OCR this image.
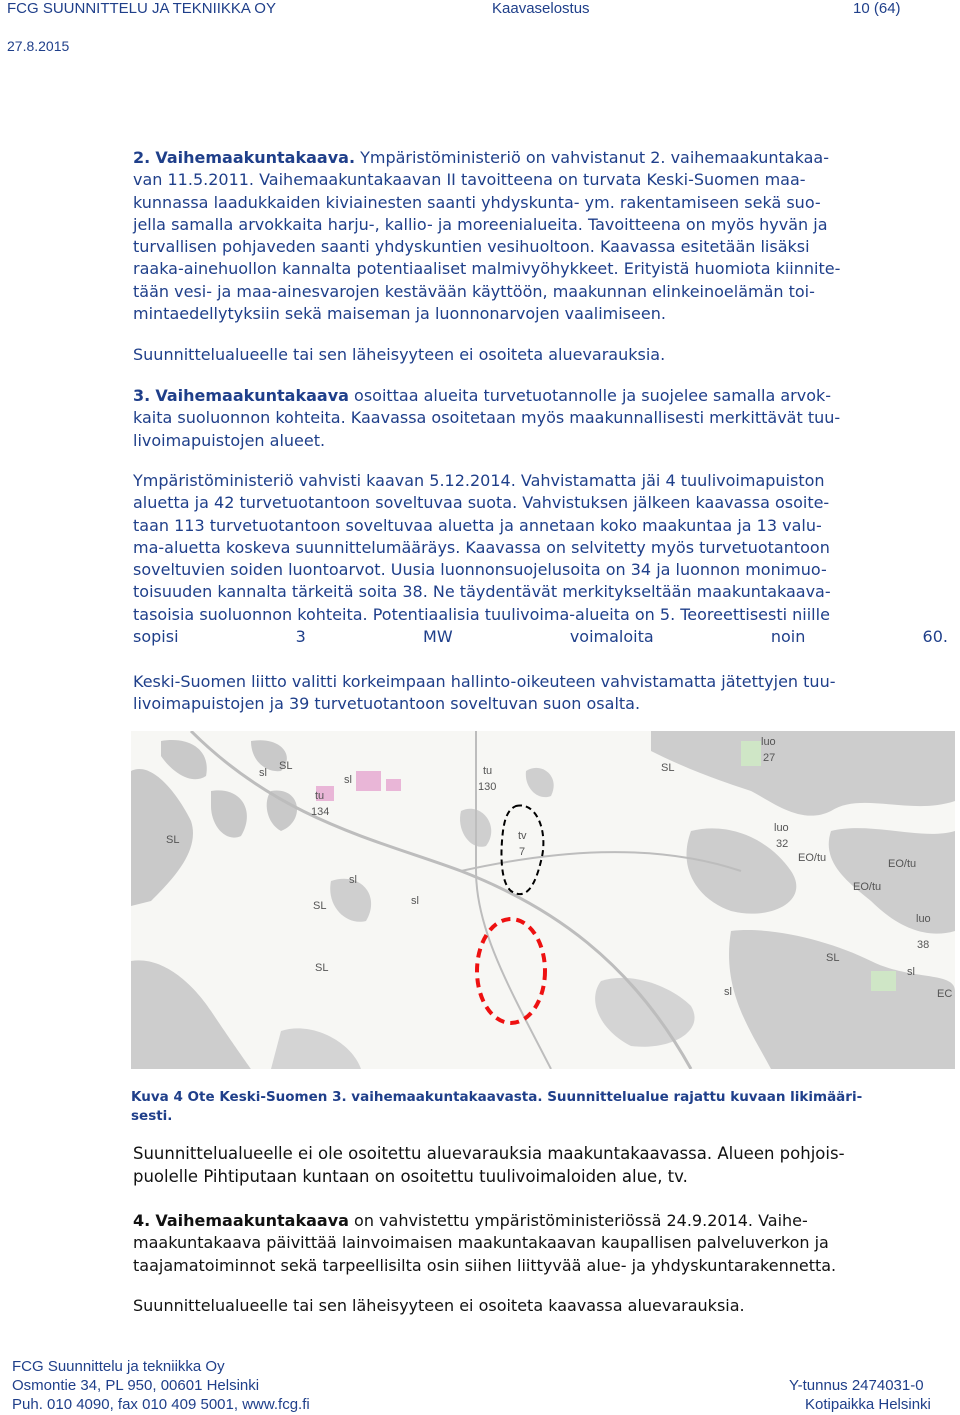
FCG SUUNNITTELU JA TEKNIIKKA OY	Kaavaselostus	10 (64)
27.8.2015
2. Vaihemaakuntakaava. Ympäristöministeriö on vahvistanut 2. vaihemaakuntakaa-
van 11.5.2011. Vaihemaakuntakaavan II tavoitteena on turvata Keski-Suomen maa-
kunnassa laadukkaiden kiviainesten saanti yhdyskunta- ym. rakentamiseen sekä suo-
jella samalla arvokkaita harju-, kallio- ja moreenialueita. Tavoitteena on myös hyvän ja
turvallisen pohjaveden saanti yhdyskuntien vesihuoltoon. Kaavassa esitetään lisäksi
raaka-ainehuollon kannalta potentiaaliset malmivyöhykkeet. Erityistä huomiota kiinnite-
tään vesi- ja maa-ainesvarojen kestävään käyttöön, maakunnan elinkeinoelämän toi-
mintaedellytyksiin sekä maiseman ja luonnonarvojen vaalimiseen.
Suunnittelualueelle tai sen läheisyyteen ei osoiteta aluevarauksia.
3. Vaihemaakuntakaava osoittaa alueita turvetuotannolle ja suojelee samalla arvok-
kaita suoluonnon kohteita. Kaavassa osoitetaan myös maakunnallisesti merkittävät tuu-
livoimapuistojen alueet.
Ympäristöministeriö vahvisti kaavan 5.12.2014. Vahvistamatta jäi 4 tuulivoimapuiston
aluetta ja 42 turvetuotantoon soveltuvaa suota. Vahvistuksen jälkeen kaavassa osoite-
taan 113 turvetuotantoon soveltuvaa aluetta ja annetaan koko maakuntaa ja 13 valu-
ma-aluetta koskeva suunnittelumääräys. Kaavassa on selvitetty myös turvetuotantoon
soveltuvien soiden luontoarvot. Uusia luonnonsuojelusoita on 34 ja luonnon monimuo-
toisuuden kannalta tärkeitä soita 38. Ne täydentävät merkitykseltään maakuntakaava-
tasoisia suoluonnon kohteita. Potentiaalisia tuulivoima-alueita on 5. Teoreettisesti niille
sopisi 3 MW voimaloita noin 60.
Keski-Suomen liitto valitti korkeimpaan hallinto-oikeuteen vahvistamatta jätettyjen tuu-
livoimapuistojen ja 39 turvetuotantoon soveltuvan suon osalta.
SL
sl
sl
tu
134
tu
130
tv
7
luo
27
luo
32
EO/tu	EO/tu
EO/tu
luo
38
sl
SL	sl
sl
SL
sl
EC
SL
SL
SL
Kuva 4 Ote Keski-Suomen 3. vaihemaakuntakaavasta. Suunnittelualue rajattu kuvaan likimääri-
sesti.
Suunnittelualueelle ei ole osoitettu aluevarauksia maakuntakaavassa. Alueen pohjois-
puolelle Pihtiputaan kuntaan on osoitettu tuulivoimaloiden alue, tv.
4. Vaihemaakuntakaava on vahvistettu ympäristöministeriössä 24.9.2014. Vaihe-
maakuntakaava päivittää lainvoimaisen maakuntakaavan kaupallisen palveluverkon ja
taajamatoiminnot sekä tarpeellisilta osin siihen liittyvää alue- ja yhdyskuntarakennetta.
Suunnittelualueelle tai sen läheisyyteen ei osoiteta kaavassa aluevarauksia.
FCG Suunnittelu ja tekniikka Oy
Osmontie 34, PL 950, 00601 Helsinki
Puh. 010 4090, fax 010 409 5001, www.fcg.fi
Y-tunnus 2474031-0
Kotipaikka Helsinki
